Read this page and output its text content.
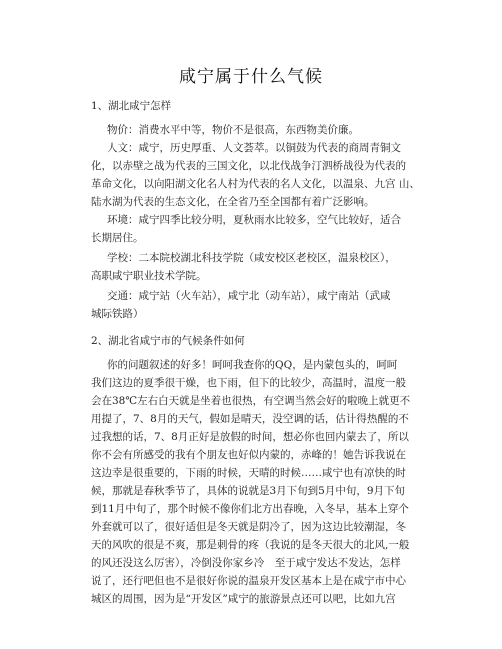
咸宁属于什么气候
1、湖北咸宁怎样
物价：消费水平中等，物价不是很高，东西物美价廉。
人文：咸宁，历史厚重、人文荟萃。以铜鼓为代表的商周青铜文
化，以赤壁之战为代表的三国文化，以北伐战争汀泗桥战役为代表的
革命文化，以向阳湖文化名人村为代表的名人文化，以温泉、九宫 山、
陆水湖为代表的生态文化，在全省乃至全国都有着广泛影响。
环境：咸宁四季比较分明，夏秋雨水比较多，空气比较好，适合
长期居住。
学校：二本院校湖北科技学院（咸安校区老校区，温泉校区），
高职咸宁职业技术学院。
交通：咸宁站（火车站），咸宁北（动车站），咸宁南站（武咸
城际铁路）
2、湖北省咸宁市的气候条件如何
你的问题叙述的好多！呵呵我查你的QQ，是内蒙包头的，呵呵
我们这边的夏季很干燥，也下雨，但下的比较少，高温时，温度一般
会在38℃左右白天就是坐着也很热，有空调当然会好的啦晚上就更不
用提了，7、8月的天气，假如是晴天，没空调的话，估计得热醒的不
过我想的话，7、8月正好是放假的时间，想必你也回内蒙去了，所以
你不会有所感受的我有个朋友也好似内蒙的，赤峰的！她告诉我说在
这边幸是很重要的，下雨的时候，天晴的时候……咸宁也有凉快的时
候，那就是春秋季节了，具体的说就是3月下旬到5月中旬，9月下旬
到11月中旬了，那个时候不像你们北方出春晚，入冬早，基本上穿个
外套就可以了，很好适但是冬天就是阴冷了，因为这边比较潮湿，冬
天的风吹的很是不爽，那是刺骨的疼（我说的是冬天很大的北风,一般
的风还没这么厉害），冷倒没你家乡冷　至于咸宁发达不发达，怎样
说了，还行吧但也不是很好你说的温泉开发区基本上是在咸宁市中心
城区的周围，因为是“开发区”咸宁的旅游景点还可以吧，比如九宫
